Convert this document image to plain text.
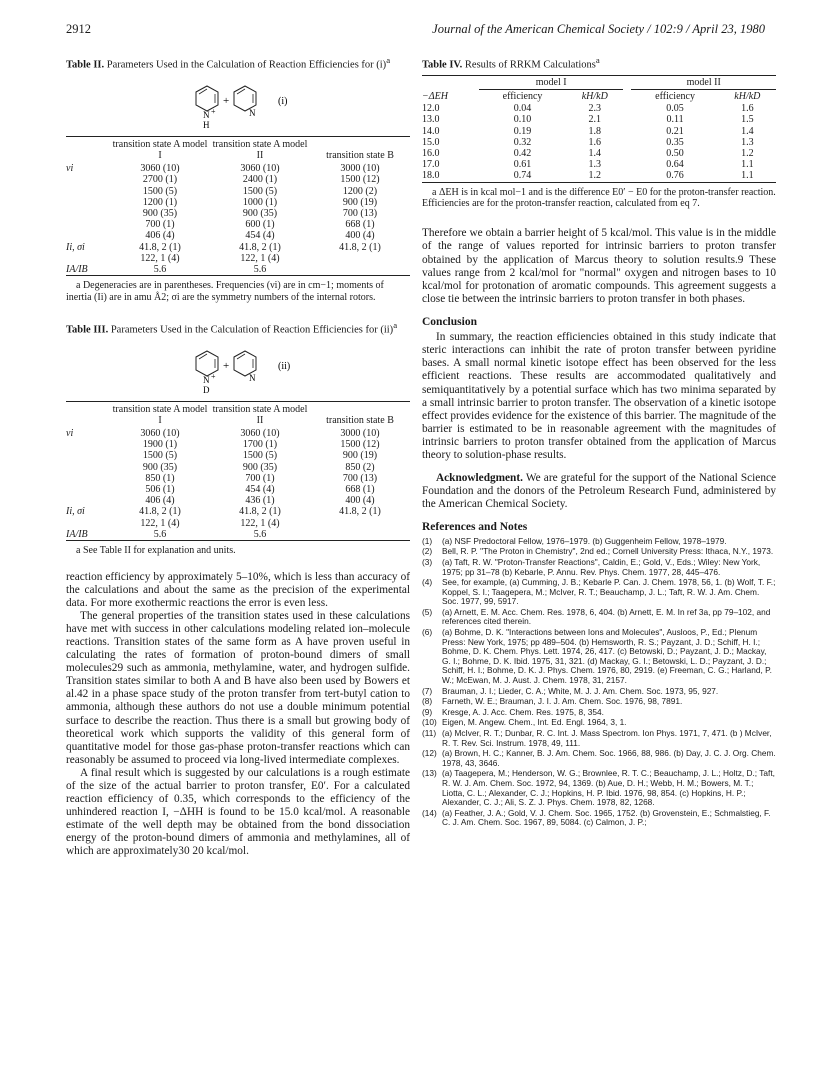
2912	Journal of the American Chemical Society / 102:9 / April 23, 1980

Table II. Parameters Used in the Calculation of Reaction Efficiencies for $(i)^a$

N +
H
+
N
(i)
	transition state A model I	transition state A model II	transition state B
νi	3060 (10)	3060 (10)	3000 (10)
	2700 (1)	2400 (1)	1500 (12)
	1500 (5)	1500 (5)	1200 (2)
	1200 (1)	1000 (1)	900 (19)
	900 (35)	900 (35)	700 (13)
	700 (1)	600 (1)	668 (1)
	406 (4)	454 (4)	400 (4)
Ii, σi	41.8, 2 (1)	41.8, 2 (1)	41.8, 2 (1)
	122, 1 (4)	122, 1 (4)	
IA/IB	5.6	5.6	

a Degeneracies are in parentheses. Frequencies (νi) are in cm−1; moments of inertia (Ii) are in amu Å2; σi are the symmetry numbers of the internal rotors.

Table III. Parameters Used in the Calculation of Reaction Efficiencies for (ii)$^a$

N +
D
+
N
(ii)
	transition state A model I	transition state A model II	transition state B
νi	3060 (10)	3060 (10)	3000 (10)
	1900 (1)	1700 (1)	1500 (12)
	1500 (5)	1500 (5)	900 (19)
	900 (35)	900 (35)	850 (2)
	850 (1)	700 (1)	700 (13)
	506 (1)	454 (4)	668 (1)
	406 (4)	436 (1)	400 (4)
Ii, σi	41.8, 2 (1)	41.8, 2 (1)	41.8, 2 (1)
	122, 1 (4)	122, 1 (4)	
IA/IB	5.6	5.6	

a See Table II for explanation and units.

reaction efficiency by approximately 5–10%, which is less than accuracy of the calculations and about the same as the precision of the experimental data. For more exothermic reactions the error is even less.

The general properties of the transition states used in these calculations have met with success in other calculations modeling related ion–molecule reactions. Transition states of the same form as A have proven useful in calculating the rates of formation of proton-bound dimers of small molecules29 such as ammonia, methylamine, water, and hydrogen sulfide. Transition states similar to both A and B have also been used by Bowers et al.42 in a phase space study of the proton transfer from tert-butyl cation to ammonia, although these authors do not use a double minimum potential surface to describe the reaction. Thus there is a small but growing body of theoretical work which supports the validity of this general form of quantitative model for those gas-phase proton-transfer reactions which can reasonably be assumed to proceed via long-lived intermediate complexes.

A final result which is suggested by our calculations is a rough estimate of the size of the actual barrier to proton transfer, E0′. For a calculated reaction efficiency of 0.35, which corresponds to the efficiency of the unhindered reaction I, −ΔHH is found to be 15.0 kcal/mol. A reasonable estimate of the well depth may be obtained from the bond dissociation energy of the proton-bound dimers of ammonia and methylamines, all of which are approximately30 20 kcal/mol.

Table IV. Results of RRKM Calculations$^a$

	model I			model II	
−ΔEH	efficiency	kH/kD		efficiency	kH/kD
12.0	0.04	2.3		0.05	1.6
13.0	0.10	2.1		0.11	1.5
14.0	0.19	1.8		0.21	1.4
15.0	0.32	1.6		0.35	1.3
16.0	0.42	1.4		0.50	1.2
17.0	0.61	1.3		0.64	1.1
18.0	0.74	1.2		0.76	1.1

a ΔEH is in kcal mol−1 and is the difference E0′ − E0 for the proton-transfer reaction. Efficiencies are for the proton-transfer reaction, calculated from eq 7.

Therefore we obtain a barrier height of 5 kcal/mol. This value is in the middle of the range of values reported for intrinsic barriers to proton transfer obtained by the application of Marcus theory to solution results.9 These values range from 2 kcal/mol for "normal" oxygen and nitrogen bases to 10 kcal/mol for protonation of aromatic compounds. This agreement suggests a close tie between the intrinsic barriers to proton transfer in both phases.

Conclusion

In summary, the reaction efficiencies obtained in this study indicate that steric interactions can inhibit the rate of proton transfer between pyridine bases. A small normal kinetic isotope effect has been observed for the less efficient reactions. These results are accommodated qualitatively and semiquantitatively by a potential surface which has two minima separated by a small intrinsic barrier to proton transfer. The observation of a kinetic isotope effect provides evidence for the existence of this barrier. The magnitude of the barrier is estimated to be in reasonable agreement with the magnitudes of intrinsic barriers to proton transfer obtained from the application of Marcus theory to solution-phase results.

Acknowledgment. We are grateful for the support of the National Science Foundation and the donors of the Petroleum Research Fund, administered by the American Chemical Society.

References and Notes
(1) (a) NSF Predoctoral Fellow, 1976–1979. (b) Guggenheim Fellow, 1978–1979.
(2) Bell, R. P. "The Proton in Chemistry", 2nd ed.; Cornell University Press: Ithaca, N.Y., 1973.
(3) (a) Taft, R. W. "Proton-Transfer Reactions", Caldin, E.; Gold, V., Eds.; Wiley: New York, 1975; pp 31–78 (b) Kebarle, P. Annu. Rev. Phys. Chem. 1977, 28, 445–476.
(4) See, for example, (a) Cumming, J. B.; Kebarle P. Can. J. Chem. 1978, 56, 1. (b) Wolf, T. F.; Koppel, S. I.; Taagepera, M.; McIver, R. T.; Beauchamp, J. L.; Taft, R. W. J. Am. Chem. Soc. 1977, 99, 5917.
(5) (a) Arnett, E. M. Acc. Chem. Res. 1978, 6, 404. (b) Arnett, E. M. In ref 3a, pp 79–102, and references cited therein.
(6) (a) Bohme, D. K. "Interactions between Ions and Molecules", Ausloos, P., Ed.; Plenum Press: New York, 1975; pp 489–504. (b) Hemsworth, R. S.; Payzant, J. D.; Schiff, H. I.; Bohme, D. K. Chem. Phys. Lett. 1974, 26, 417. (c) Betowski, D.; Payzant, J. D.; Mackay, G. I.; Bohme, D. K. Ibid. 1975, 31, 321. (d) Mackay, G. I.; Betowski, L. D.; Payzant, J. D.; Schiff, H. I.; Bohme, D. K. J. Phys. Chem. 1976, 80, 2919. (e) Freeman, C. G.; Harland, P. W.; McEwan, M. J. Aust. J. Chem. 1978, 31, 2157.
(7) Brauman, J. I.; Lieder, C. A.; White, M. J. J. Am. Chem. Soc. 1973, 95, 927.
(8) Farneth, W. E.; Brauman, J. I. J. Am. Chem. Soc. 1976, 98, 7891.
(9) Kresge, A. J. Acc. Chem. Res. 1975, 8, 354.
(10) Eigen, M. Angew. Chem., Int. Ed. Engl. 1964, 3, 1.
(11) (a) McIver, R. T.; Dunbar, R. C. Int. J. Mass Spectrom. Ion Phys. 1971, 7, 471. (b ) McIver, R. T. Rev. Sci. Instrum. 1978, 49, 111.
(12) (a) Brown, H. C.; Kanner, B. J. Am. Chem. Soc. 1966, 88, 986. (b) Day, J. C. J. Org. Chem. 1978, 43, 3646.
(13) (a) Taagepera, M.; Henderson, W. G.; Brownlee, R. T. C.; Beauchamp, J. L.; Holtz, D.; Taft, R. W. J. Am. Chem. Soc. 1972, 94, 1369. (b) Aue, D. H.; Webb, H. M.; Bowers, M. T.; Liotta, C. L.; Alexander, C. J.; Hopkins, H. P. Ibid. 1976, 98, 854. (c) Hopkins, H. P.; Alexander, C. J.; Ali, S. Z. J. Phys. Chem. 1978, 82, 1268.
(14) (a) Feather, J. A.; Gold, V. J. Chem. Soc. 1965, 1752. (b) Grovenstein, E.; Schmalstieg, F. C. J. Am. Chem. Soc. 1967, 89, 5084. (c) Calmon, J. P.;
